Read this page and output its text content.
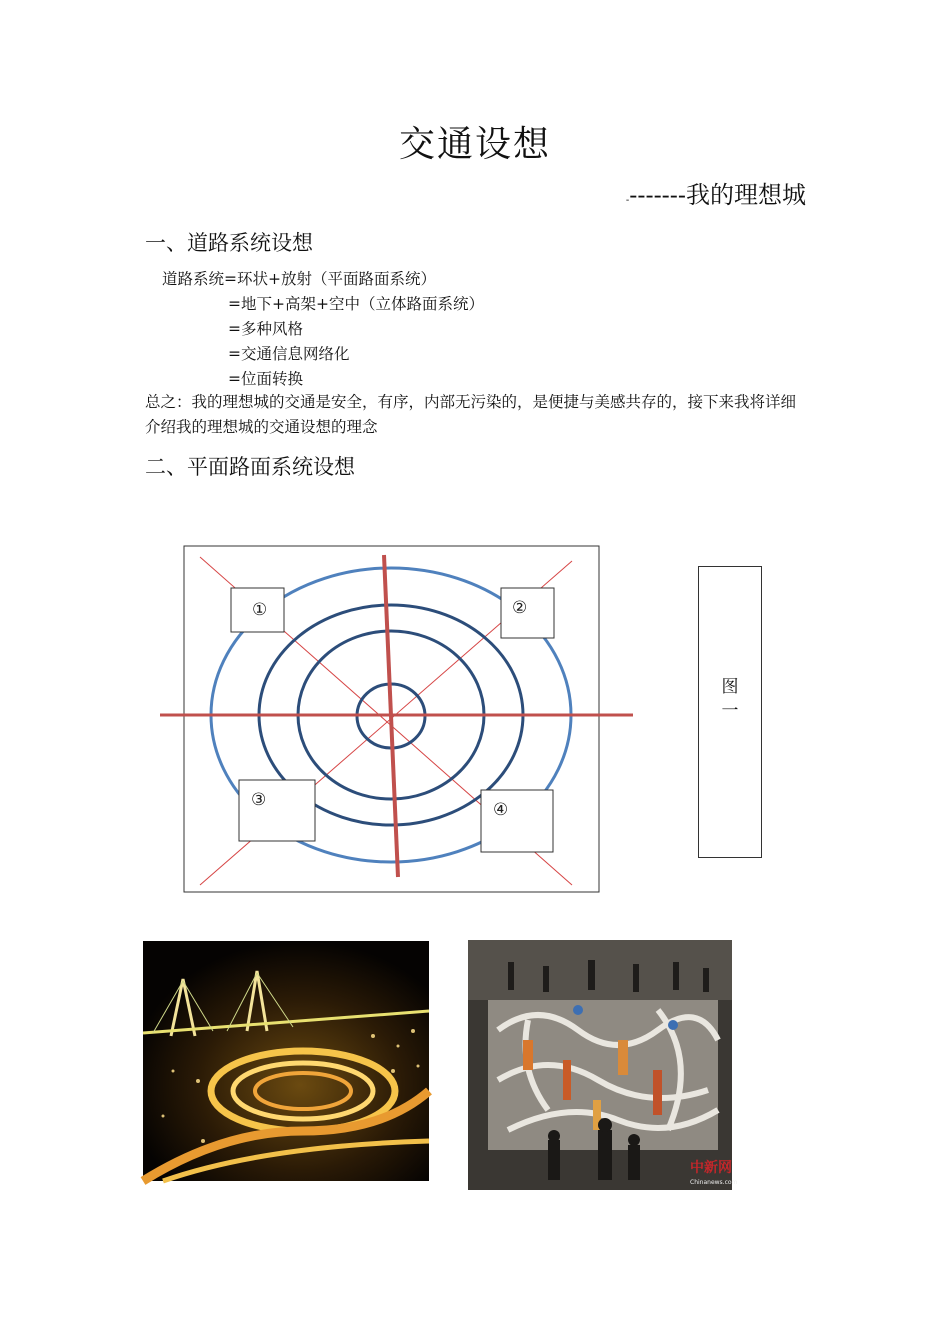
交通设想
--------我的理想城
一、道路系统设想
道路系统=环状+放射（平面路面系统）
=地下+高架+空中（立体路面系统）
=多种风格
=交通信息网络化
=位面转换
总之：我的理想城的交通是安全，有序，内部无污染的，是便捷与美感共存的，接下来我将详细介绍我的理想城的交通设想的理念
二、平面路面系统设想
①	②
③	④
图
一
中新网
Chinanews.com
